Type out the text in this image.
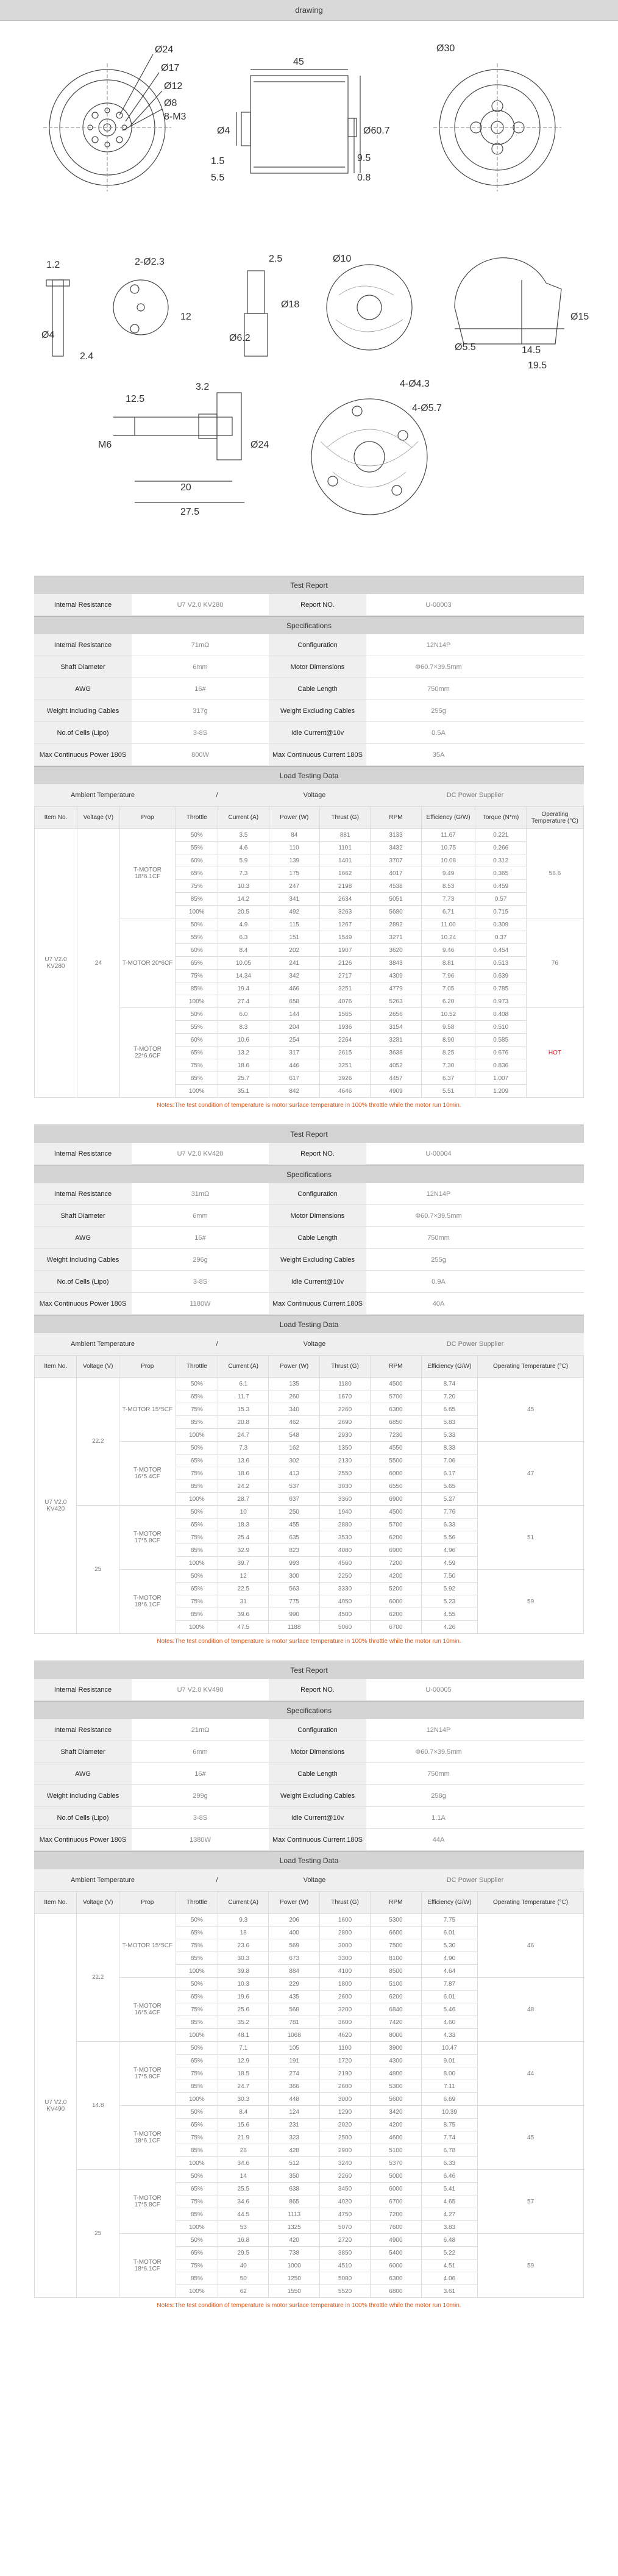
drawing
Ø24
Ø17
Ø12
Ø8
8-M3
45
Ø4	Ø60.7
1.5
5.5	0.8
9.5
Ø30
1.2
Ø4
2.4
2-Ø2.3
12
2.5
Ø18
Ø6.2
Ø10
Ø5.5	14.5
19.5
Ø15
3.2
12.5
20
27.5
Ø24
M6
4-Ø4.3
4-Ø5.7
Test Report
Internal Resistance	U7 V2.0 KV280	Report NO.	U-00003
Specifications
Internal Resistance	71mΩ	Configuration	12N14P
Shaft Diameter	6mm	Motor Dimensions	Φ60.7×39.5mm
AWG	16#	Cable Length	750mm
Weight Including Cables	317g	Weight Excluding Cables	255g
No.of Cells (Lipo)	3-8S	Idle Current@10v	0.5A
Max Continuous Power 180S	800W	Max Continuous Current 180S	35A
Load Testing Data
Ambient Temperature	/	Voltage	DC Power Supplier
Item No.	Voltage (V)	Prop	Throttle	Current (A)	Power (W)	Thrust (G)	RPM	Efficiency (G/W)	Torque (N*m)	Operating Temperature (°C)
U7 V2.0 KV280	24	T-MOTOR 18*6.1CF	50%	3.5	84	881	3133	11.67	0.221	56.6
			55%	4.6	110	1101	3432	10.75	0.266	
			60%	5.9	139	1401	3707	10.08	0.312	
			65%	7.3	175	1662	4017	9.49	0.365	
			75%	10.3	247	2198	4538	8.53	0.459	
			85%	14.2	341	2634	5051	7.73	0.57	
			100%	20.5	492	3263	5680	6.71	0.715	
		T-MOTOR 20*6CF	50%	4.9	115	1267	2892	11.00	0.309	76
			55%	6.3	151	1549	3271	10.24	0.37	
			60%	8.4	202	1907	3620	9.46	0.454	
			65%	10.05	241	2126	3843	8.81	0.513	
			75%	14.34	342	2717	4309	7.96	0.639	
			85%	19.4	466	3251	4779	7.05	0.785	
			100%	27.4	658	4076	5263	6.20	0.973	
		T-MOTOR 22*6.6CF	50%	6.0	144	1565	2656	10.52	0.408	HOT
			55%	8.3	204	1936	3154	9.58	0.510	
			60%	10.6	254	2264	3281	8.90	0.585	
			65%	13.2	317	2615	3638	8.25	0.676	
			75%	18.6	446	3251	4052	7.30	0.836	
			85%	25.7	617	3926	4457	6.37	1.007	
			100%	35.1	842	4646	4909	5.51	1.209	
Notes:The test condition of temperature is motor surface temperature in 100% throttle while the motor run 10min.
Test Report
Internal Resistance	U7 V2.0 KV420	Report NO.	U-00004
Specifications
Internal Resistance	31mΩ	Configuration	12N14P
Shaft Diameter	6mm	Motor Dimensions	Φ60.7×39.5mm
AWG	16#	Cable Length	750mm
Weight Including Cables	296g	Weight Excluding Cables	255g
No.of Cells (Lipo)	3-8S	Idle Current@10v	0.9A
Max Continuous Power 180S	1180W	Max Continuous Current 180S	40A
Load Testing Data
Ambient Temperature	/	Voltage	DC Power Supplier
Item No.	Voltage (V)	Prop	Throttle	Current (A)	Power (W)	Thrust (G)	RPM	Efficiency (G/W)	Operating Temperature (°C)
U7 V2.0 KV420	22.2	T-MOTOR 15*5CF	50%	6.1	135	1180	4500	8.74	45
			65%	11.7	260	1670	5700	7.20	
			75%	15.3	340	2260	6300	6.65	
			85%	20.8	462	2690	6850	5.83	
			100%	24.7	548	2930	7230	5.33	
		T-MOTOR 16*5.4CF	50%	7.3	162	1350	4550	8.33	47
			65%	13.6	302	2130	5500	7.06	
			75%	18.6	413	2550	6000	6.17	
			85%	24.2	537	3030	6550	5.65	
			100%	28.7	637	3360	6900	5.27	
	25	T-MOTOR 17*5.8CF	50%	10	250	1940	4500	7.76	51
			65%	18.3	455	2880	5700	6.33	
			75%	25.4	635	3530	6200	5.56	
			85%	32.9	823	4080	6900	4.96	
			100%	39.7	993	4560	7200	4.59	
		T-MOTOR 18*6.1CF	50%	12	300	2250	4200	7.50	59
			65%	22.5	563	3330	5200	5.92	
			75%	31	775	4050	6000	5.23	
			85%	39.6	990	4500	6200	4.55	
			100%	47.5	1188	5060	6700	4.26	
Notes:The test condition of temperature is motor surface temperature in 100% throttle while the motor run 10min.
Test Report
Internal Resistance	U7 V2.0 KV490	Report NO.	U-00005
Specifications
Internal Resistance	21mΩ	Configuration	12N14P
Shaft Diameter	6mm	Motor Dimensions	Φ60.7×39.5mm
AWG	16#	Cable Length	750mm
Weight Including Cables	299g	Weight Excluding Cables	258g
No.of Cells (Lipo)	3-8S	Idle Current@10v	1.1A
Max Continuous Power 180S	1380W	Max Continuous Current 180S	44A
Load Testing Data
Ambient Temperature	/	Voltage	DC Power Supplier
Item No.	Voltage (V)	Prop	Throttle	Current (A)	Power (W)	Thrust (G)	RPM	Efficiency (G/W)	Operating Temperature (°C)
U7 V2.0 KV490	22.2	T-MOTOR 15*5CF	50%	9.3	206	1600	5300	7.75	46
			65%	18	400	2800	6600	6.01	
			75%	23.6	569	3000	7500	5.30	
			85%	30.3	673	3300	8100	4.90	
			100%	39.8	884	4100	8500	4.64	
		T-MOTOR 16*5.4CF	50%	10.3	229	1800	5100	7.87	48
			65%	19.6	435	2600	6200	6.01	
			75%	25.6	568	3200	6840	5.46	
			85%	35.2	781	3600	7420	4.60	
			100%	48.1	1068	4620	8000	4.33	
	14.8	T-MOTOR 17*5.8CF	50%	7.1	105	1100	3900	10.47	44
			65%	12.9	191	1720	4300	9.01	
			75%	18.5	274	2190	4800	8.00	
			85%	24.7	366	2600	5300	7.11	
			100%	30.3	448	3000	5600	6.69	
		T-MOTOR 18*6.1CF	50%	8.4	124	1290	3420	10.39	45
			65%	15.6	231	2020	4200	8.75	
			75%	21.9	323	2500	4600	7.74	
			85%	28	428	2900	5100	6.78	
			100%	34.6	512	3240	5370	6.33	
	25	T-MOTOR 17*5.8CF	50%	14	350	2260	5000	6.46	57
			65%	25.5	638	3450	6000	5.41	
			75%	34.6	865	4020	6700	4.65	
			85%	44.5	1113	4750	7200	4.27	
			100%	53	1325	5070	7600	3.83	
		T-MOTOR 18*6.1CF	50%	16.8	420	2720	4900	6.48	59
			65%	29.5	738	3850	5400	5.22	
			75%	40	1000	4510	6000	4.51	
			85%	50	1250	5080	6300	4.06	
			100%	62	1550	5520	6800	3.61	
Notes:The test condition of temperature is motor surface temperature in 100% throttle while the motor run 10min.
